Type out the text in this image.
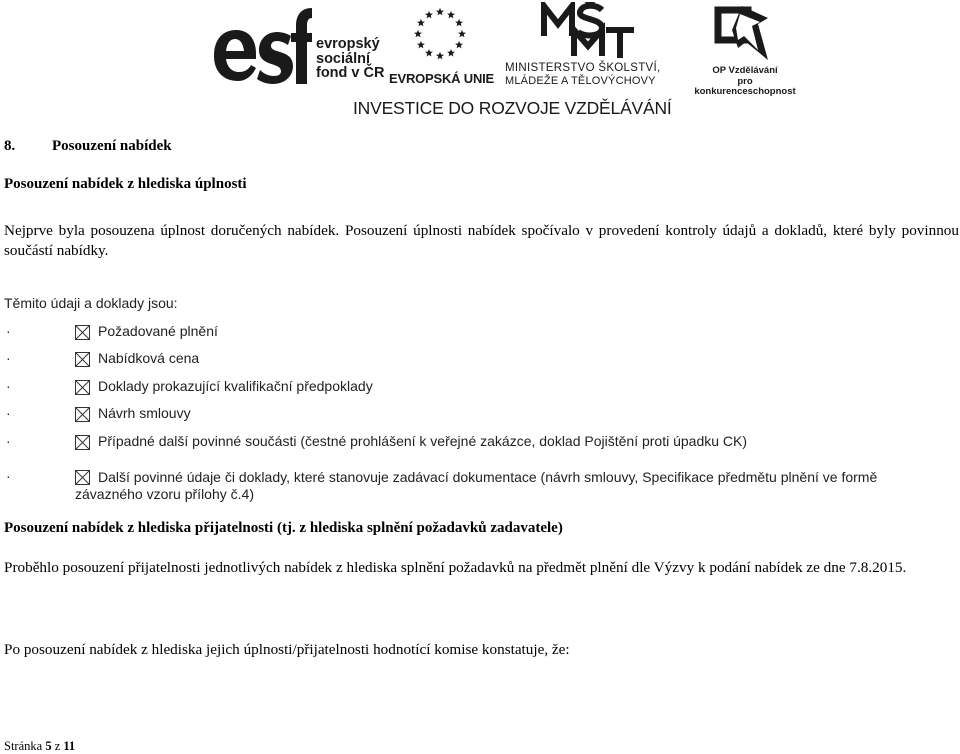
evropský
sociální
fond v ČR EVROPSKÁ UNIE
MINISTERSTVO ŠKOLSTVÍ,
MLÁDEŽE A TĚLOVÝCHOVY
OP Vzdělávání
pro konkurenceschopnost
INVESTICE DO ROZVOJE VZDĚLÁVÁNÍ
8. Posouzení nabídek
Posouzení nabídek z hlediska úplnosti
Nejprve byla posouzena úplnost doručených nabídek. Posouzení úplnosti nabídek spočívalo v provedení kontroly údajů a dokladů, které byly povinnou součástí nabídky.
Těmito údaji a doklady jsou:
·	Požadované plnění
·	Nabídková cena
·	Doklady prokazující kvalifikační předpoklady
·	Návrh smlouvy
·	Případné další povinné součásti (čestné prohlášení k veřejné zakázce, doklad Pojištění proti úpadku CK)
·	Další povinné údaje či doklady, které stanovuje zadávací dokumentace (návrh smlouvy, Specifikace předmětu plnění ve formě
závazného vzoru přílohy č.4)
Posouzení nabídek z hlediska přijatelnosti (tj. z hlediska splnění požadavků zadavatele)
Proběhlo posouzení přijatelnosti jednotlivých nabídek z hlediska splnění požadavků na předmět plnění dle Výzvy k podání nabídek ze dne 7.8.2015.
Po posouzení nabídek z hlediska jejich úplnosti/přijatelnosti hodnotící komise konstatuje, že:
Stránka 5 z 11
